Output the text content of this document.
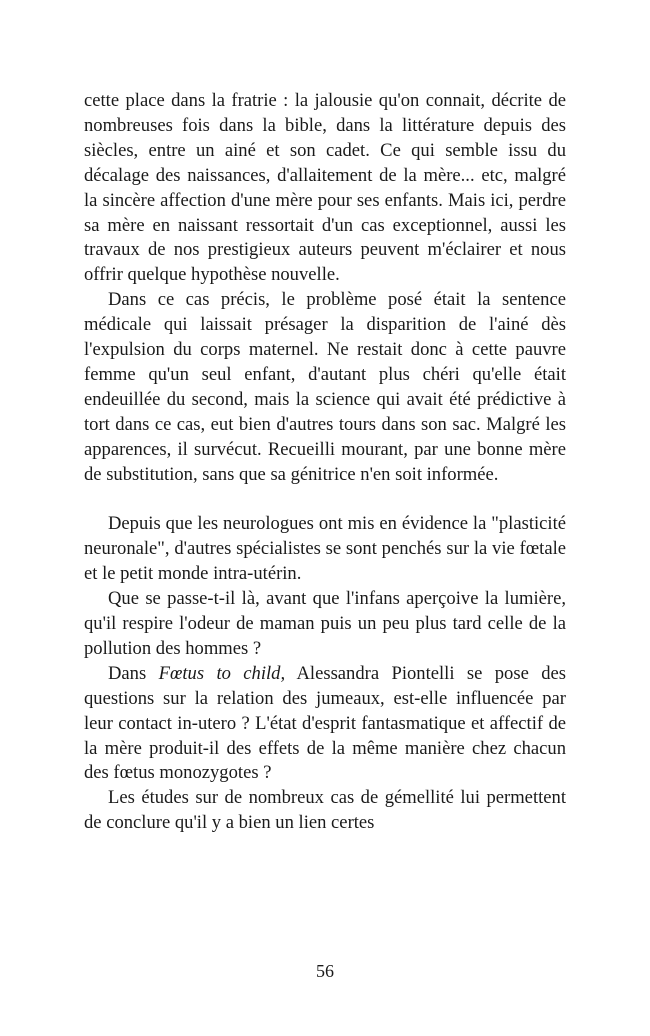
cette place dans la fratrie : la jalousie qu'on connait, décrite de nombreuses fois dans la bible, dans la littérature depuis des siècles, entre un ainé et son cadet. Ce qui semble issu du décalage des naissances, d'allaitement de la mère... etc, malgré la sincère affection d'une mère pour ses enfants. Mais ici, perdre sa mère en naissant ressortait d'un cas exceptionnel, aussi les travaux de nos prestigieux auteurs peuvent m'éclairer et nous offrir quelque hypothèse nouvelle.

Dans ce cas précis, le problème posé était la sentence médicale qui laissait présager la disparition de l'ainé dès l'expulsion du corps maternel. Ne restait donc à cette pauvre femme qu'un seul enfant, d'autant plus chéri qu'elle était endeuillée du second, mais la science qui avait été prédictive à tort dans ce cas, eut bien d'autres tours dans son sac. Malgré les apparences, il survécut. Recueilli mourant, par une bonne mère de substitution, sans que sa génitrice n'en soit informée.

Depuis que les neurologues ont mis en évidence la "plasticité neuronale", d'autres spécialistes se sont penchés sur la vie fœtale et le petit monde intra-utérin.

Que se passe-t-il là, avant que l'infans aperçoive la lumière, qu'il respire l'odeur de maman puis un peu plus tard celle de la pollution des hommes ?

Dans Fœtus to child, Alessandra Piontelli se pose des questions sur la relation des jumeaux, est-elle influencée par leur contact in-utero ? L'état d'esprit fantasmatique et affectif de la mère produit-il des effets de la même manière chez chacun des fœtus monozygotes ?

Les études sur de nombreux cas de gémellité lui permettent de conclure qu'il y a bien un lien certes

56
